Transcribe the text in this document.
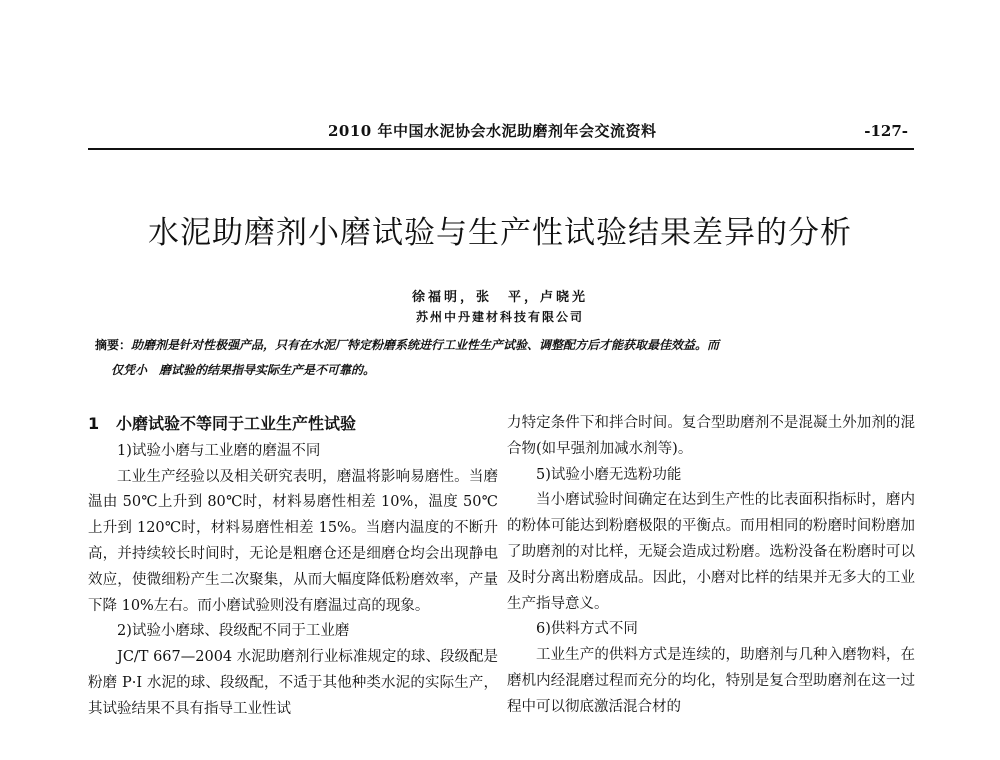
2010 年中国水泥协会水泥助磨剂年会交流资料	-127-
水泥助磨剂小磨试验与生产性试验结果差异的分析
徐福明，张　平，卢晓光
苏州中丹建材科技有限公司

摘要：助磨剂是针对性极强产品，只有在水泥厂特定粉磨系统进行工业性生产试验、调整配方后才能获取最佳效益。而

仅凭小　磨试验的结果指导实际生产是不可靠的。

1 小磨试验不等同于工业生产性试验

1)试验小磨与工业磨的磨温不同

工业生产经验以及相关研究表明，磨温将影响易磨性。当磨温由 50℃上升到 80℃时，材料易磨性相差 10%，温度 50℃上升到 120℃时，材料易磨性相差 15%。当磨内温度的不断升高，并持续较长时间时，无论是粗磨仓还是细磨仓均会出现静电效应，使微细粉产生二次聚集，从而大幅度降低粉磨效率，产量下降 10%左右。而小磨试验则没有磨温过高的现象。

2)试验小磨球、段级配不同于工业磨

JC/T 667—2004 水泥助磨剂行业标准规定的球、段级配是粉磨 P·I 水泥的球、段级配，不适于其他种类水泥的实际生产，其试验结果不具有指导工业性试

力特定条件下和拌合时间。复合型助磨剂不是混凝土外加剂的混合物(如早强剂加减水剂等)。

5)试验小磨无选粉功能

当小磨试验时间确定在达到生产性的比表面积指标时，磨内的粉体可能达到粉磨极限的平衡点。而用相同的粉磨时间粉磨加了助磨剂的对比样，无疑会造成过粉磨。选粉没备在粉磨时可以及时分离出粉磨成品。因此，小磨对比样的结果并无多大的工业生产指导意义。

6)供料方式不同

工业生产的供料方式是连续的，助磨剂与几种入磨物料，在磨机内经混磨过程而充分的均化，特别是复合型助磨剂在这一过程中可以彻底激活混合材的
